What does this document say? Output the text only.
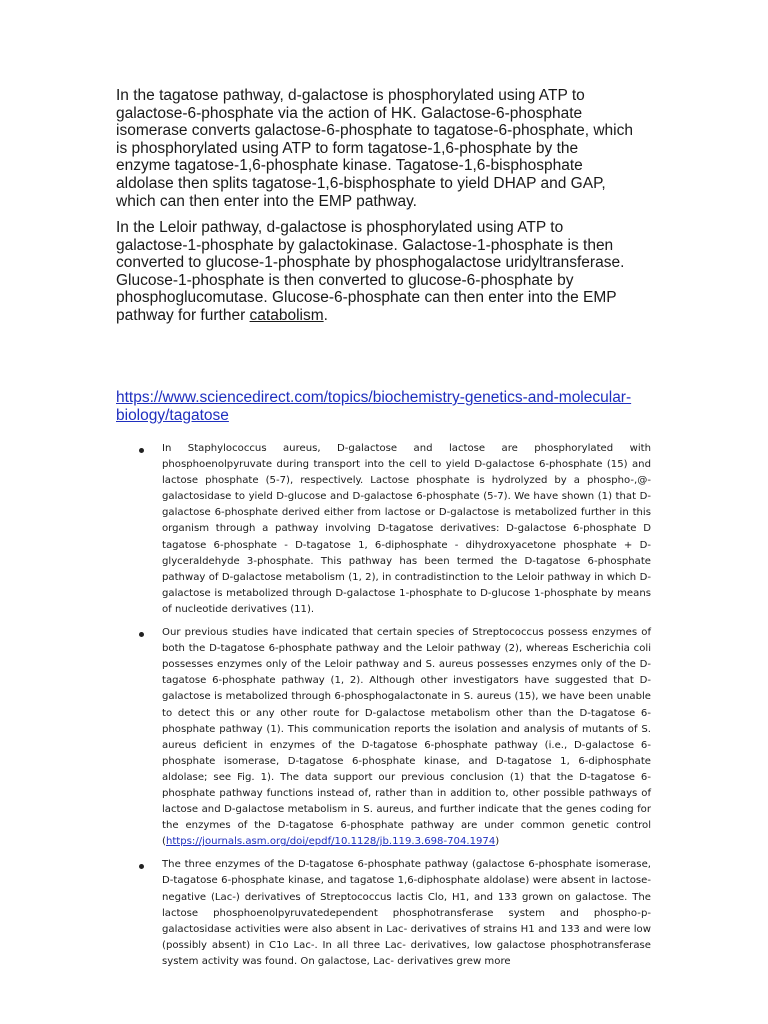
In the tagatose pathway, d-galactose is phosphorylated using ATP to galactose-6-phosphate via the action of HK. Galactose-6-phosphate isomerase converts galactose-6-phosphate to tagatose-6-phosphate, which is phosphorylated using ATP to form tagatose-1,6-phosphate by the enzyme tagatose-1,6-phosphate kinase. Tagatose-1,6-bisphosphate aldolase then splits tagatose-1,6-bisphosphate to yield DHAP and GAP, which can then enter into the EMP pathway.

In the Leloir pathway, d-galactose is phosphorylated using ATP to galactose-1-phosphate by galactokinase. Galactose-1-phosphate is then converted to glucose-1-phosphate by phosphogalactose uridyltransferase. Glucose-1-phosphate is then converted to glucose-6-phosphate by phosphoglucomutase. Glucose-6-phosphate can then enter into the EMP pathway for further catabolism.

https://www.sciencedirect.com/topics/biochemistry-genetics-and-molecular-biology/tagatose

In Staphylococcus aureus, D-galactose and lactose are phosphorylated with phosphoenolpyruvate during transport into the cell to yield D-galactose 6-phosphate (15) and lactose phosphate (5-7), respectively. Lactose phosphate is hydrolyzed by a phospho-,@-galactosidase to yield D-glucose and D-galactose 6-phosphate (5-7). We have shown (1) that D-galactose 6-phosphate derived either from lactose or D-galactose is metabolized further in this organism through a pathway involving D-tagatose derivatives: D-galactose 6-phosphate D tagatose 6-phosphate - D-tagatose 1, 6-diphosphate - dihydroxyacetone phosphate + D-glyceraldehyde 3-phosphate. This pathway has been termed the D-tagatose 6-phosphate pathway of D-galactose metabolism (1, 2), in contradistinction to the Leloir pathway in which D-galactose is metabolized through D-galactose 1-phosphate to D-glucose 1-phosphate by means of nucleotide derivatives (11).

Our previous studies have indicated that certain species of Streptococcus possess enzymes of both the D-tagatose 6-phosphate pathway and the Leloir pathway (2), whereas Escherichia coli possesses enzymes only of the Leloir pathway and S. aureus possesses enzymes only of the D-tagatose 6-phosphate pathway (1, 2). Although other investigators have suggested that D-galactose is metabolized through 6-phosphogalactonate in S. aureus (15), we have been unable to detect this or any other route for D-galactose metabolism other than the D-tagatose 6-phosphate pathway (1). This communication reports the isolation and analysis of mutants of S. aureus deficient in enzymes of the D-tagatose 6-phosphate pathway (i.e., D-galactose 6-phosphate isomerase, D-tagatose 6-phosphate kinase, and D-tagatose 1, 6-diphosphate aldolase; see Fig. 1). The data support our previous conclusion (1) that the D-tagatose 6-phosphate pathway functions instead of, rather than in addition to, other possible pathways of lactose and D-galactose metabolism in S. aureus, and further indicate that the genes coding for the enzymes of the D-tagatose 6-phosphate pathway are under common genetic control (https://journals.asm.org/doi/epdf/10.1128/jb.119.3.698-704.1974)

The three enzymes of the D-tagatose 6-phosphate pathway (galactose 6-phosphate isomerase, D-tagatose 6-phosphate kinase, and tagatose 1,6-diphosphate aldolase) were absent in lactose-negative (Lac-) derivatives of Streptococcus lactis Clo, H1, and 133 grown on galactose. The lactose phosphoenolpyruvatedependent phosphotransferase system and phospho-p-galactosidase activities were also absent in Lac- derivatives of strains H1 and 133 and were low (possibly absent) in C1o Lac-. In all three Lac- derivatives, low galactose phosphotransferase system activity was found. On galactose, Lac- derivatives grew more
